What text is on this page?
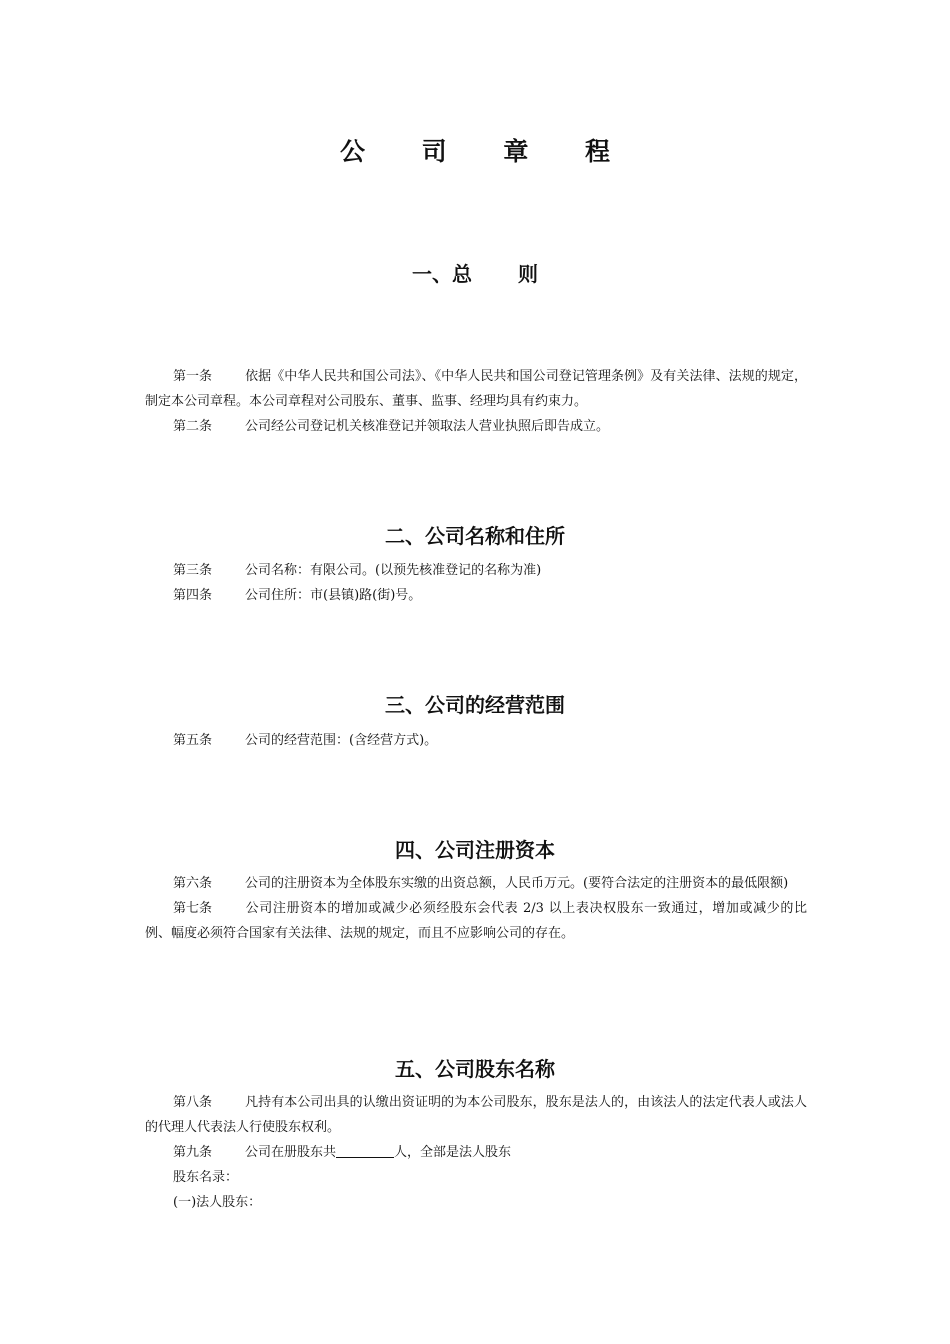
公 司 章 程
一、总 则

第一条	依据《中华人民共和国公司法》、《中华人民共和国公司登记管理条例》及有关法律、法规的规定，制定本公司章程。本公司章程对公司股东、董事、监事、经理均具有约束力。

第二条	公司经公司登记机关核准登记并领取法人营业执照后即告成立。

二、公司名称和住所

第三条	公司名称：有限公司。(以预先核准登记的名称为准)

第四条	公司住所：市(县镇)路(街)号。

三、公司的经营范围

第五条	公司的经营范围：(含经营方式)。

四、公司注册资本

第六条	公司的注册资本为全体股东实缴的出资总额，人民币万元。(要符合法定的注册资本的最低限额)

第七条	公司注册资本的增加或减少必须经股东会代表 2/3 以上表决权股东一致通过，增加或减少的比例、幅度必须符合国家有关法律、法规的规定，而且不应影响公司的存在。

五、公司股东名称

第八条	凡持有本公司出具的认缴出资证明的为本公司股东，股东是法人的，由该法人的法定代表人或法人的代理人代表法人行使股东权利。

第九条	公司在册股东共	人，全部是法人股东

股东名录：

(一)法人股东：
